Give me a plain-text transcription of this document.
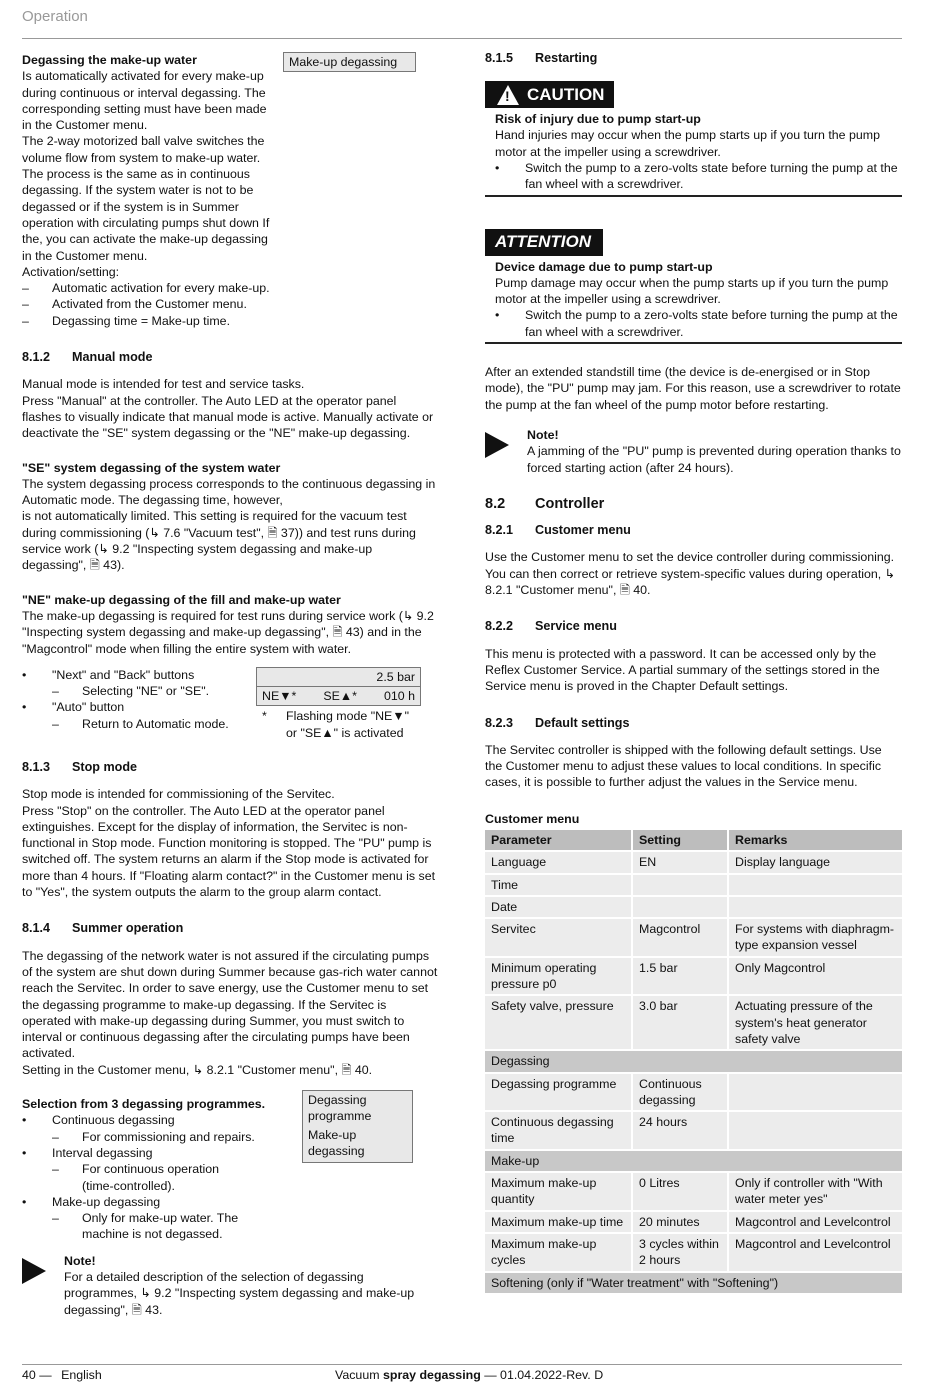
Operation

Degassing the make-up water

Is automatically activated for every make-up during continuous or interval degassing. The corresponding setting must have been made in the Customer menu.

The 2-way motorized ball valve switches the volume flow from system to make-up water. The process is the same as in continuous degassing. If the system water is not to be degassed or if the system is in Summer operation with circulating pumps shut down If the, you can activate the make-up degassing in the Customer menu.

Activation/setting:

Make-up degassing
–	Automatic activation for every make-up.
–	Activated from the Customer menu.
–	Degassing time = Make-up time.
8.1.2	Manual mode

Manual mode is intended for test and service tasks.

Press "Manual" at the controller. The Auto LED at the operator panel flashes to visually indicate that manual mode is active. Manually activate or deactivate the "SE" system degassing or the "NE" make-up degassing.

"SE" system degassing of the system water

The system degassing process corresponds to the continuous degassing in Automatic mode. The degassing time, however,

is not automatically limited. This setting is required for the vacuum test during commissioning (↳ 7.6 "Vacuum test", 🗎 37)) and test runs during service work (↳ 9.2 "Inspecting system degassing and make-up degassing", 🗎 43).

"NE" make-up degassing of the fill and make-up water

The make-up degassing is required for test runs during service work (↳ 9.2 "Inspecting system degassing and make-up degassing", 🗎 43) and in the "Magcontrol" mode when filling the entire system with water.

•	"Next" and "Back" buttons
–	Selecting "NE" or "SE".
•	"Auto" button
–	Return to Automatic mode.
2.5 bar
NE▼* SE▲* 010 h
*	Flashing mode "NE▼" or "SE▲" is activated
8.1.3	Stop mode

Stop mode is intended for commissioning of the Servitec.

Press "Stop" on the controller. The Auto LED at the operator panel extinguishes. Except for the display of information, the Servitec is non-functional in Stop mode. Function monitoring is stopped. The "PU" pump is switched off. The system returns an alarm if the Stop mode is activated for more than 4 hours. If "Floating alarm contact?" in the Customer menu is set to "Yes", the system outputs the alarm to the group alarm contact.

8.1.4	Summer operation

The degassing of the network water is not assured if the circulating pumps of the system are shut down during Summer because gas-rich water cannot reach the Servitec. In order to save energy, use the Customer menu to set the degassing programme to make-up degassing. If the Servitec is operated with make-up degassing during Summer, you must switch to interval or continuous degassing after the circulating pumps have been activated.

Setting in the Customer menu, ↳ 8.2.1 "Customer menu", 🗎 40.

Selection from 3 degassing programmes.

•	Continuous degassing
–	For commissioning and repairs.
•	Interval degassing
–	For continuous operation (time-controlled).
•	Make-up degassing
–	Only for make-up water. The machine is not degassed.
Degassing programme
Make-up degassing

Note!

For a detailed description of the selection of degassing programmes, ↳ 9.2 "Inspecting system degassing and make-up degassing", 🗎 43.

8.1.5	Restarting
!
CAUTION

Risk of injury due to pump start-up

Hand injuries may occur when the pump starts up if you turn the pump motor at the impeller using a screwdriver.

•	Switch the pump to a zero-volts state before turning the pump at the fan wheel with a screwdriver.
ATTENTION

Device damage due to pump start-up

Pump damage may occur when the pump starts up if you turn the pump motor at the impeller using a screwdriver.

•	Switch the pump to a zero-volts state before turning the pump at the fan wheel with a screwdriver.

After an extended standstill time (the device is de-energised or in Stop mode), the "PU" pump may jam. For this reason, use a screwdriver to rotate the pump at the fan wheel of the pump motor before restarting.

Note!

A jamming of the "PU" pump is prevented during operation thanks to forced starting action (after 24 hours).

8.2	Controller
8.2.1	Customer menu

Use the Customer menu to set the device controller during commissioning. You can then correct or retrieve system-specific values during operation, ↳ 8.2.1 "Customer menu", 🗎 40.

8.2.2	Service menu

This menu is protected with a password. It can be accessed only by the Reflex Customer Service. A partial summary of the settings stored in the Service menu is proved in the Chapter Default settings.

8.2.3	Default settings

The Servitec controller is shipped with the following default settings. Use the Customer menu to adjust these values to local conditions. In specific cases, it is possible to further adjust the values in the Service menu.

Customer menu

Parameter	Setting	Remarks
Language	EN	Display language
Time		
Date		
Servitec	Magcontrol	For systems with diaphragm-type expansion vessel
Minimum operating pressure p0	1.5 bar	Only Magcontrol
Safety valve, pressure	3.0 bar	Actuating pressure of the system's heat generator safety valve
Degassing		
Degassing programme	Continuous degassing	
Continuous degassing time	24 hours	
Make-up		
Maximum make-up quantity	0 Litres	Only if controller with "With water meter yes"
Maximum make-up time	20 minutes	Magcontrol and Levelcontrol
Maximum make-up cycles	3 cycles within 2 hours	Magcontrol and Levelcontrol
Softening (only if "Water treatment" with "Softening")		
40 — English	Vacuum spray degassing — 01.04.2022-Rev. D
